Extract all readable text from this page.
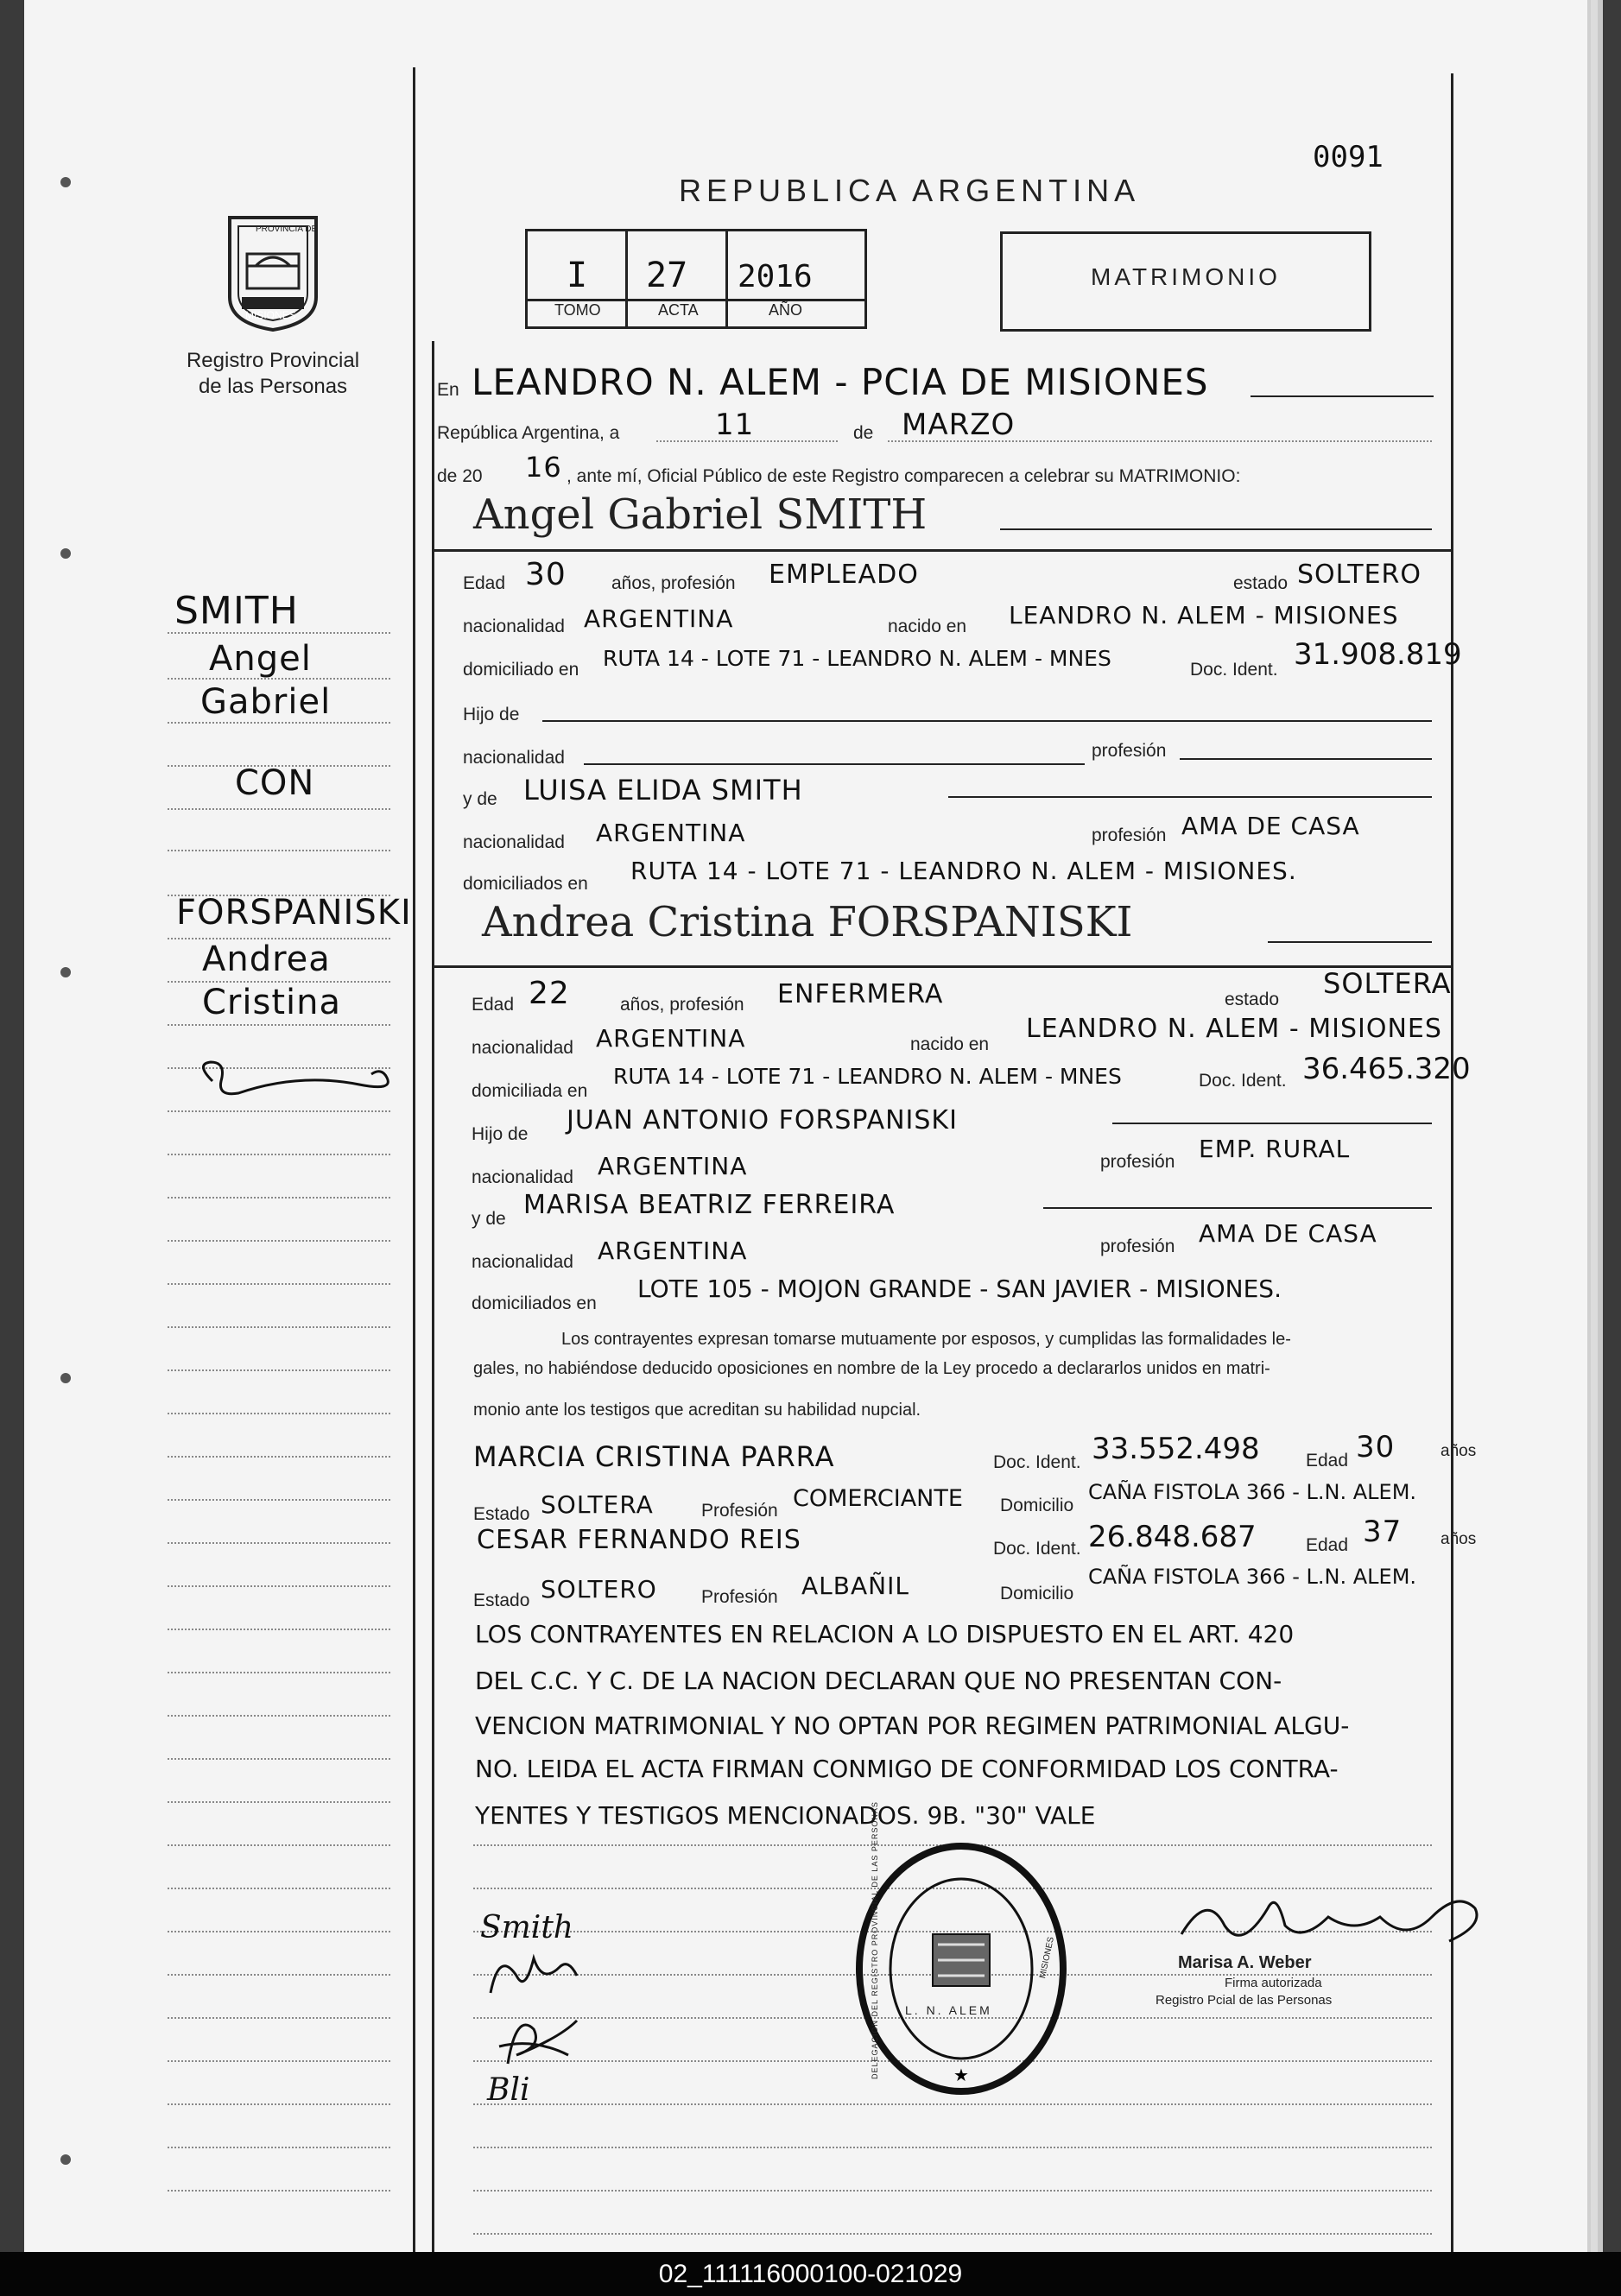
REPUBLICA ARGENTINA
0091
PROVINCIA DE
MISIONES
Registro Provincial
de las Personas
I 27 2016
TOMO	ACTA	AÑO
MATRIMONIO
SMITH
Angel
Gabriel
CON
FORSPANISKI
Andrea
Cristina
En LEANDRO N. ALEM - PCIA DE MISIONES
República Argentina, a	11	de MARZO
de 20 16 , ante mí, Oficial Público de este Registro comparecen a celebrar su MATRIMONIO:
Angel Gabriel SMITH
Edad 30 años, profesión EMPLEADO	estado SOLTERO
nacionalidad ARGENTINA	nacido en LEANDRO N. ALEM - MISIONES
domiciliado en RUTA 14 - LOTE 71 - LEANDRO N. ALEM - MNES	Doc. Ident. 31.908.819
Hijo de
nacionalidad	profesión
y de LUISA ELIDA SMITH
nacionalidad ARGENTINA	profesión AMA DE CASA
domiciliados en RUTA 14 - LOTE 71 - LEANDRO N. ALEM - MISIONES.
Andrea Cristina FORSPANISKI
Edad 22	años, profesión ENFERMERA	estado SOLTERA
nacionalidad ARGENTINA	nacido en
LEANDRO N. ALEM - MISIONES
domiciliada en
RUTA 14 - LOTE 71 - LEANDRO N. ALEM - MNES	Doc. Ident. 36.465.320
Hijo de JUAN ANTONIO FORSPANISKI
nacionalidad ARGENTINA	profesión EMP. RURAL
y de MARISA BEATRIZ FERREIRA
nacionalidad ARGENTINA	profesión AMA DE CASA
domiciliados en
LOTE 105 - MOJON GRANDE - SAN JAVIER - MISIONES.
Los contrayentes expresan tomarse mutuamente por esposos, y cumplidas las formalidades le-
gales, no habiéndose deducido oposiciones en nombre de la Ley procedo a declararlos unidos en matri-
monio ante los testigos que acreditan su habilidad nupcial.
MARCIA CRISTINA PARRA	Doc. Ident. 33.552.498	Edad 30	años
Estado SOLTERA	Profesión COMERCIANTE Domicilio
CAÑA FISTOLA 366 - L.N. ALEM.
CESAR FERNANDO REIS	Doc. Ident. 26.848.687	Edad 37 años
Estado SOLTERO Profesión ALBAÑIL	Domicilio
CAÑA FISTOLA 366 - L.N. ALEM.
LOS CONTRAYENTES EN RELACION A LO DISPUESTO EN EL ART. 420
DEL C.C. Y C. DE LA NACION DECLARAN QUE NO PRESENTAN CON-
VENCION MATRIMONIAL Y NO OPTAN POR REGIMEN PATRIMONIAL ALGU-
NO. LEIDA EL ACTA FIRMAN CONMIGO DE CONFORMIDAD LOS CONTRA-
YENTES Y TESTIGOS MENCIONADOS. 9B. "30" VALE
★
L. N. ALEM
MISIONES
DELEGACION DEL REGISTRO PROVINCIAL DE LAS PERSONAS	Marisa A. Weber
Firma autorizada
Registro Pcial de las Personas
Smith
Bli
02_111116000100-021029
